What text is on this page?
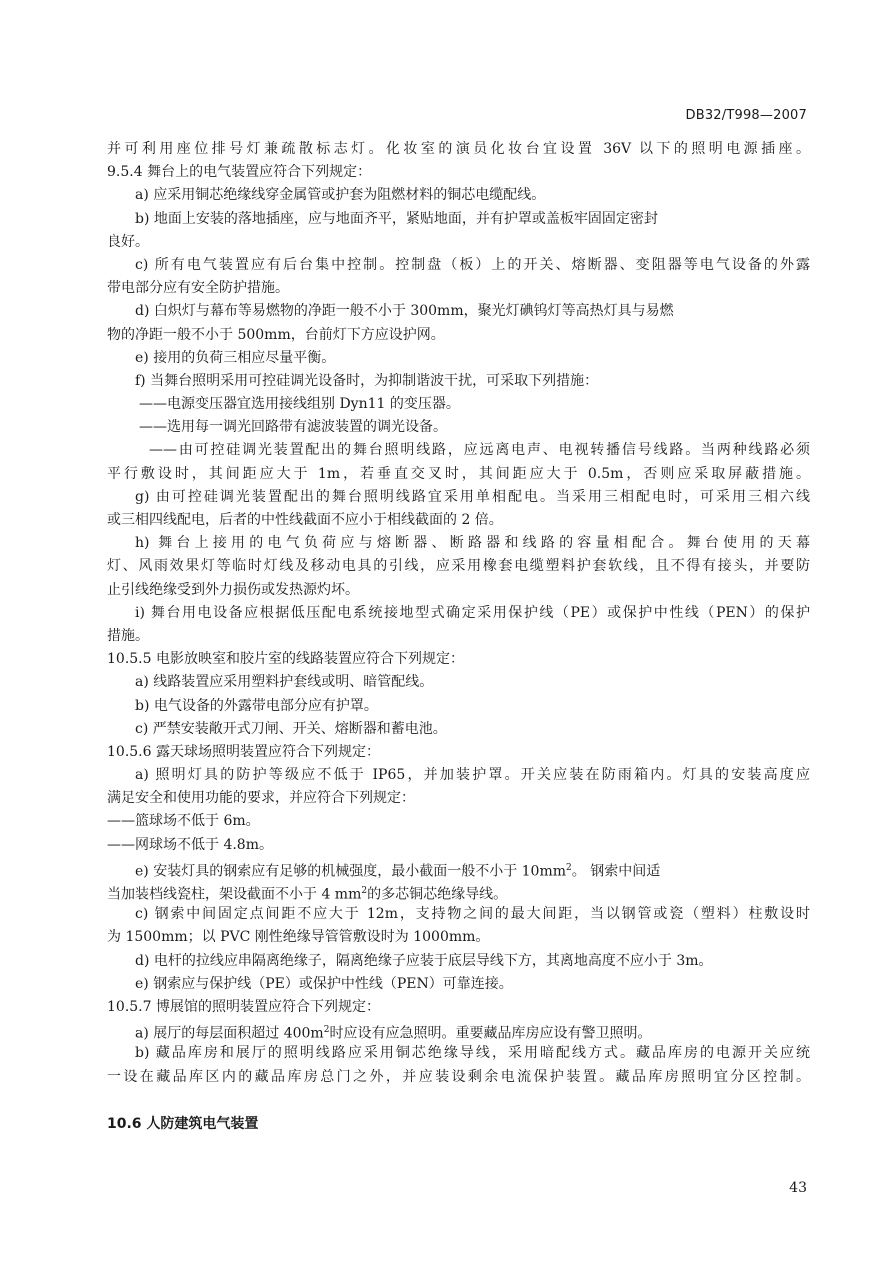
DB32/T998—2007
并可利用座位排号灯兼疏散标志灯。化妆室的演员化妆台宜设置 36V 以下的照明电源插座。
9.5.4 舞台上的电气装置应符合下列规定：
a) 应采用铜芯绝缘线穿金属管或护套为阻燃材料的铜芯电缆配线。
b) 地面上安装的落地插座，应与地面齐平，紧贴地面，并有护罩或盖板牢固固定密封
良好。
c) 所有电气装置应有后台集中控制。控制盘（板）上的开关、熔断器、变阻器等电气设备的外露
带电部分应有安全防护措施。
d) 白炽灯与幕布等易燃物的净距一般不小于 300mm，聚光灯碘钨灯等高热灯具与易燃
物的净距一般不小于 500mm，台前灯下方应设护网。
e) 接用的负荷三相应尽量平衡。
f) 当舞台照明采用可控硅调光设备时，为抑制谐波干扰，可采取下列措施：
——电源变压器宜选用接线组别 Dyn11 的变压器。
——选用每一调光回路带有滤波装置的调光设备。
——由可控硅调光装置配出的舞台照明线路，应远离电声、电视转播信号线路。当两种线路必须
平行敷设时，其间距应大于 1m，若垂直交叉时，其间距应大于 0.5m，否则应采取屏蔽措施。
g) 由可控硅调光装置配出的舞台照明线路宜采用单相配电。当采用三相配电时，可采用三相六线
或三相四线配电，后者的中性线截面不应小于相线截面的 2 倍。
h) 舞台上接用的电气负荷应与熔断器、断路器和线路的容量相配合。舞台使用的天幕
灯、风雨效果灯等临时灯线及移动电具的引线，应采用橡套电缆塑料护套软线，且不得有接头，并要防
止引线绝缘受到外力损伤或发热源灼坏。
i) 舞台用电设备应根据低压配电系统接地型式确定采用保护线（PE）或保护中性线（PEN）的保护
措施。
10.5.5 电影放映室和胶片室的线路装置应符合下列规定：
a) 线路装置应采用塑料护套线或明、暗管配线。
b) 电气设备的外露带电部分应有护罩。
c) 严禁安装敞开式刀闸、开关、熔断器和蓄电池。
10.5.6 露天球场照明装置应符合下列规定：
a) 照明灯具的防护等级应不低于 IP65，并加装护罩。开关应装在防雨箱内。灯具的安装高度应
满足安全和使用功能的要求，并应符合下列规定：
——篮球场不低于 6m。
——网球场不低于 4.8m。
e) 安装灯具的钢索应有足够的机械强度，最小截面一般不小于 $10mm^2$。 钢索中间适
当加装档线瓷柱，架设截面不小于 4 $mm^2$的多芯铜芯绝缘导线。
c) 钢索中间固定点间距不应大于 12m，支持物之间的最大间距，当以钢管或瓷（塑料）柱敷设时
为 1500mm；以 PVC 刚性绝缘导管管敷设时为 1000mm。
d) 电杆的拉线应串隔离绝缘子，隔离绝缘子应装于底层导线下方，其离地高度不应小于 3m。
e) 钢索应与保护线（PE）或保护中性线（PEN）可靠连接。
10.5.7 博展馆的照明装置应符合下列规定：
a) 展厅的每层面积超过 $400m^2$时应设有应急照明。重要藏品库房应设有警卫照明。
b) 藏品库房和展厅的照明线路应采用铜芯绝缘导线，采用暗配线方式。藏品库房的电源开关应统
一设在藏品库区内的藏品库房总门之外，并应装设剩余电流保护装置。藏品库房照明宜分区控制。
10.6 人防建筑电气装置
43
